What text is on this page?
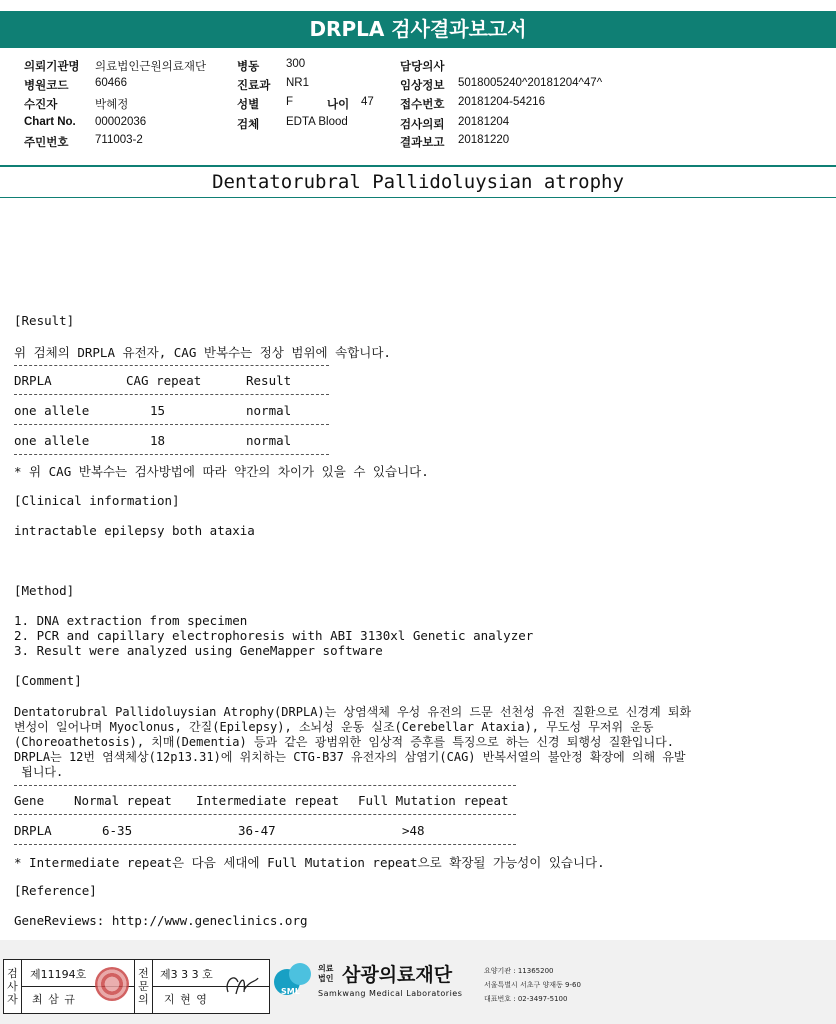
DRPLA 검사결과보고서
의뢰기관명 의료법인근원의료재단
병원코드 60466
수진자	박혜정
Chart No. 00002036
주민번호 711003-2
병동 300
진료과 NR1
성별 F	나이 47
검체 EDTA Blood
담당의사
임상정보 5018005240^20181204^47^
접수번호 20181204-54216
검사의뢰 20181204
결과보고 20181220
Dentatorubral Pallidoluysian atrophy
[Result]
위 검체의 DRPLA 유전자, CAG 반복수는 정상 범위에 속합니다.
DRPLA	CAG repeat	Result
one allele	15	normal
one allele	18	normal
* 위 CAG 반복수는 검사방법에 따라 약간의 차이가 있을 수 있습니다.
[Clinical information]
intractable epilepsy both ataxia
[Method]
1. DNA extraction from specimen
2. PCR and capillary electrophoresis with ABI 3130xl Genetic analyzer
3. Result were analyzed using GeneMapper software
[Comment]
Dentatorubral Pallidoluysian Atrophy(DRPLA)는 상염색체 우성 유전의 드문 선천성 유전 질환으로 신경계 퇴화
변성이 일어나며 Myoclonus, 간질(Epilepsy), 소뇌성 운동 실조(Cerebellar Ataxia), 무도성 무저위 운동
(Choreoathetosis), 치매(Dementia) 등과 같은 광범위한 임상적 증후를 특징으로 하는 신경 퇴행성 질환입니다.
DRPLA는 12번 염색체상(12p13.31)에 위치하는 CTG-B37 유전자의 삼염기(CAG) 반복서열의 불안정 확장에 의해 유발
됩니다.
Gene Normal repeat Intermediate repeat Full Mutation repeat
DRPLA	6-35	36-47	>48
* Intermediate repeat은 다음 세대에 Full Mutation repeat으로 확장될 가능성이 있습니다.
[Reference]
GeneReviews: http://www.geneclinics.org
검사자
전문의
제11194호
최 삼 규
제3 3 3 호
지 현 영
SML
의료법인 삼광의료재단
Samkwang Medical Laboratories
요양기관 : 11365200
서울특별시 서초구 양재동 9-60
대표번호 : 02-3497-5100
